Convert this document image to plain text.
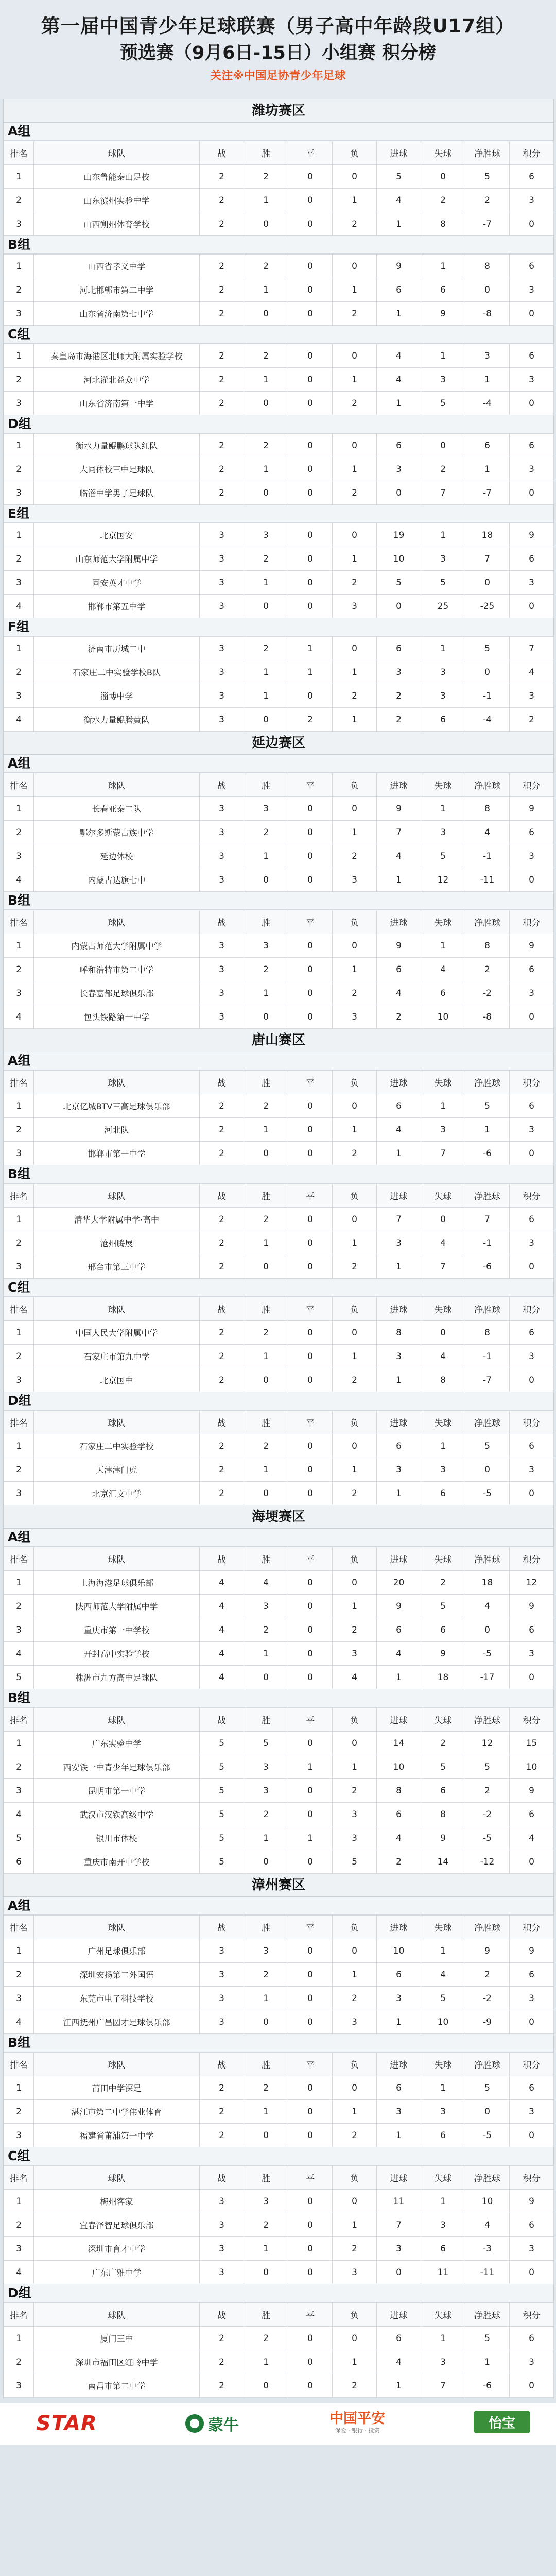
第一届中国青少年足球联赛（男子高中年龄段U17组）
预选赛（9月6日-15日）小组赛 积分榜
关注※中国足协青少年足球
潍坊赛区
A组
排名	球队	战	胜	平	负	进球	失球	净胜球	积分
1	山东鲁能泰山足校	2	2	0	0	5	0	5	6
2	山东滨州实验中学	2	1	0	1	4	2	2	3
3	山西朔州体育学校	2	0	0	2	1	8	-7	0
B组
1	山西省孝义中学	2	2	0	0	9	1	8	6
2	河北邯郸市第二中学	2	1	0	1	6	6	0	3
3	山东省济南第七中学	2	0	0	2	1	9	-8	0
C组
1	秦皇岛市海港区北师大附属实验学校	2	2	0	0	4	1	3	6
2	河北灌北益众中学	2	1	0	1	4	3	1	3
3	山东省济南第一中学	2	0	0	2	1	5	-4	0
D组
1	衡水力量鲲鹏球队红队	2	2	0	0	6	0	6	6
2	大同体校三中足球队	2	1	0	1	3	2	1	3
3	临淄中学男子足球队	2	0	0	2	0	7	-7	0
E组
1	北京国安	3	3	0	0	19	1	18	9
2	山东师范大学附属中学	3	2	0	1	10	3	7	6
3	固安英才中学	3	1	0	2	5	5	0	3
4	邯郸市第五中学	3	0	0	3	0	25	-25	0
F组
1	济南市历城二中	3	2	1	0	6	1	5	7
2	石家庄二中实验学校B队	3	1	1	1	3	3	0	4
3	淄博中学	3	1	0	2	2	3	-1	3
4	衡水力量鲲腾黄队	3	0	2	1	2	6	-4	2
延边赛区
A组
排名	球队	战	胜	平	负	进球	失球	净胜球	积分
1	长春亚泰二队	3	3	0	0	9	1	8	9
2	鄂尔多斯蒙古族中学	3	2	0	1	7	3	4	6
3	延边体校	3	1	0	2	4	5	-1	3
4	内蒙古达旗七中	3	0	0	3	1	12	-11	0
B组
排名	球队	战	胜	平	负	进球	失球	净胜球	积分
1	内蒙古师范大学附属中学	3	3	0	0	9	1	8	9
2	呼和浩特市第二中学	3	2	0	1	6	4	2	6
3	长春嘉都足球俱乐部	3	1	0	2	4	6	-2	3
4	包头铁路第一中学	3	0	0	3	2	10	-8	0
唐山赛区
A组
排名	球队	战	胜	平	负	进球	失球	净胜球	积分
1	北京亿城BTV三高足球俱乐部	2	2	0	0	6	1	5	6
2	河北队	2	1	0	1	4	3	1	3
3	邯郸市第一中学	2	0	0	2	1	7	-6	0
B组
排名	球队	战	胜	平	负	进球	失球	净胜球	积分
1	清华大学附属中学·高中	2	2	0	0	7	0	7	6
2	沧州腾展	2	1	0	1	3	4	-1	3
3	邢台市第三中学	2	0	0	2	1	7	-6	0
C组
排名	球队	战	胜	平	负	进球	失球	净胜球	积分
1	中国人民大学附属中学	2	2	0	0	8	0	8	6
2	石家庄市第九中学	2	1	0	1	3	4	-1	3
3	北京国中	2	0	0	2	1	8	-7	0
D组
排名	球队	战	胜	平	负	进球	失球	净胜球	积分
1	石家庄二中实验学校	2	2	0	0	6	1	5	6
2	天津津门虎	2	1	0	1	3	3	0	3
3	北京汇文中学	2	0	0	2	1	6	-5	0
海埂赛区
A组
排名	球队	战	胜	平	负	进球	失球	净胜球	积分
1	上海海港足球俱乐部	4	4	0	0	20	2	18	12
2	陕西师范大学附属中学	4	3	0	1	9	5	4	9
3	重庆市第一中学校	4	2	0	2	6	6	0	6
4	开封高中实验学校	4	1	0	3	4	9	-5	3
5	株洲市九方高中足球队	4	0	0	4	1	18	-17	0
B组
排名	球队	战	胜	平	负	进球	失球	净胜球	积分
1	广东实验中学	5	5	0	0	14	2	12	15
2	西安铁一中青少年足球俱乐部	5	3	1	1	10	5	5	10
3	昆明市第一中学	5	3	0	2	8	6	2	9
4	武汉市汉铁高级中学	5	2	0	3	6	8	-2	6
5	银川市体校	5	1	1	3	4	9	-5	4
6	重庆市南开中学校	5	0	0	5	2	14	-12	0
漳州赛区
A组
排名	球队	战	胜	平	负	进球	失球	净胜球	积分
1	广州足球俱乐部	3	3	0	0	10	1	9	9
2	深圳宏扬第二外国语	3	2	0	1	6	4	2	6
3	东莞市电子科技学校	3	1	0	2	3	5	-2	3
4	江西抚州广昌圆才足球俱乐部	3	0	0	3	1	10	-9	0
B组
排名	球队	战	胜	平	负	进球	失球	净胜球	积分
1	莆田中学深足	2	2	0	0	6	1	5	6
2	湛江市第二中学伟业体育	2	1	0	1	3	3	0	3
3	福建省莆浦第一中学	2	0	0	2	1	6	-5	0
C组
排名	球队	战	胜	平	负	进球	失球	净胜球	积分
1	梅州客家	3	3	0	0	11	1	10	9
2	宜春泽智足球俱乐部	3	2	0	1	7	3	4	6
3	深圳市育才中学	3	1	0	2	3	6	-3	3
4	广东广雅中学	3	0	0	3	0	11	-11	0
D组
排名	球队	战	胜	平	负	进球	失球	净胜球	积分
1	厦门三中	2	2	0	0	6	1	5	6
2	深圳市福田区红岭中学	2	1	0	1	4	3	1	3
3	南昌市第二中学	2	0	0	2	1	7	-6	0
STAR	蒙牛	中国平安
保险 · 银行 · 投资	怡宝
